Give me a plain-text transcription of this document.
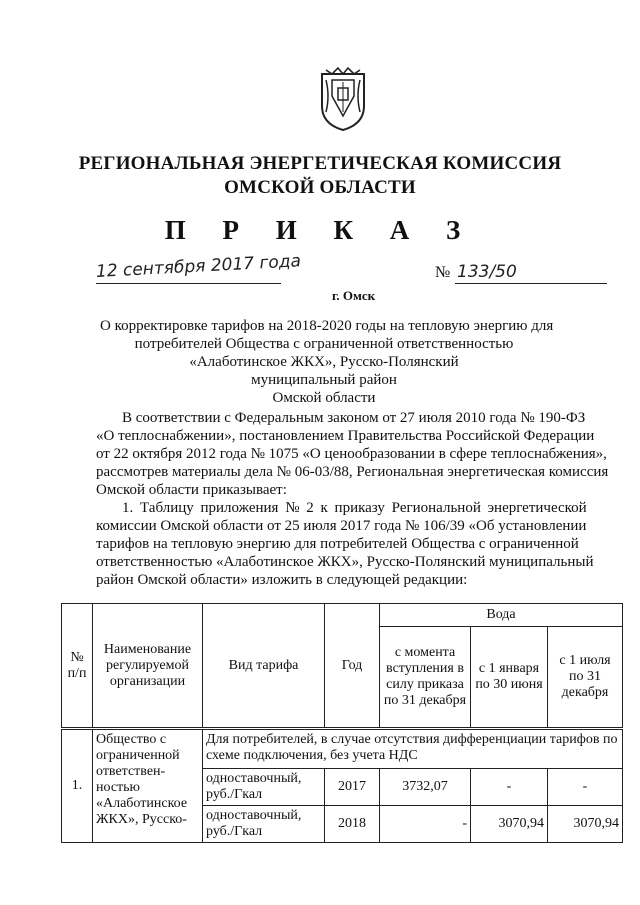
РЕГИОНАЛЬНАЯ ЭНЕРГЕТИЧЕСКАЯ КОМИССИЯ
ОМСКОЙ ОБЛАСТИ
П Р И К А З
12 сентября 2017 года	№ 133/50
г. Омск
О корректировке тарифов на 2018-2020 годы на тепловую энергию для
потребителей Общества с ограниченной ответственностью
«Алаботинское ЖКХ», Русско-Полянский
муниципальный район
Омской области
В соответствии с Федеральным законом от 27 июля 2010 года № 190-ФЗ
«О теплоснабжении», постановлением Правительства Российской Федерации
от 22 октября 2012 года № 1075 «О ценообразовании в сфере теплоснабжения»,
рассмотрев материалы дела № 06-03/88, Региональная энергетическая комиссия
Омской области приказывает:
1. Таблицу приложения № 2 к приказу Региональной энергетической
комиссии Омской области от 25 июля 2017 года № 106/39 «Об установлении
тарифов на тепловую энергию для потребителей Общества с ограниченной
ответственностью «Алаботинское ЖКХ», Русско-Полянский муниципальный
район Омской области» изложить в следующей редакции:
№ п/п	Наименование регулируемой организации	Вид тарифа	Год	Вода		
				с момента вступления в силу приказа по 31 декабря	с 1 января по 30 июня	с 1 июля по 31 декабря
1.	Общество с ограниченной ответствен-ностью «Алаботинское ЖКХ», Русско-	Для потребителей, в случае отсутствия дифференциации тарифов по схеме подключения, без учета НДС				
		одноставочный, руб./Гкал	2017	3732,07	-	-
		одноставочный, руб./Гкал	2018	-	3070,94	3070,94
